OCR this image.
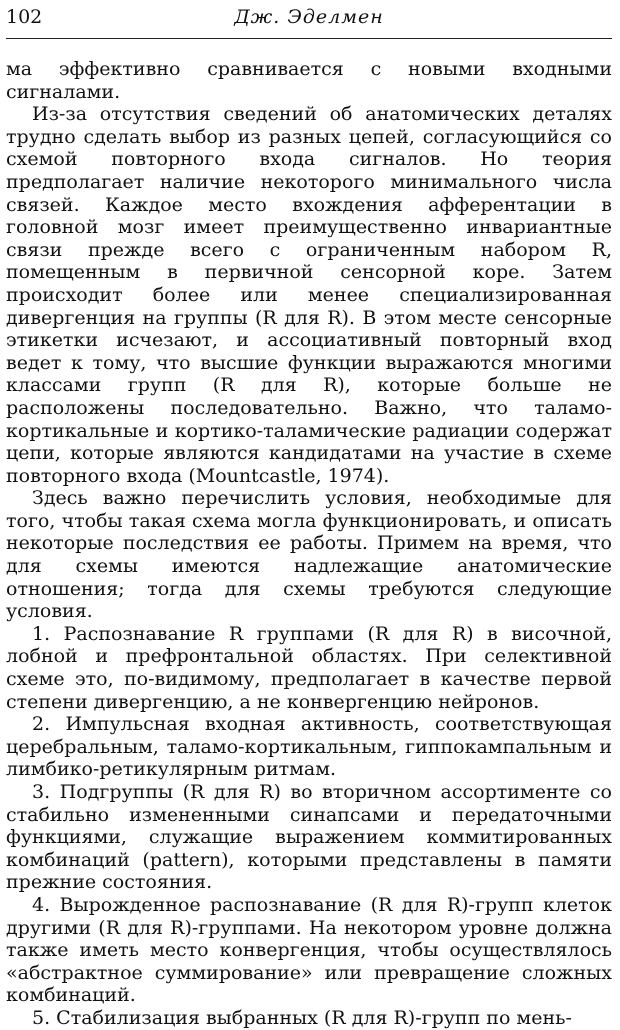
102	Дж. Эделмен

ма эффективно сравнивается с новыми входными сигналами.

Из-за отсутствия сведений об анатомических деталях трудно сделать выбор из разных цепей, согласующийся со схемой повторного входа сигналов. Но теория предполагает наличие некоторого минимального числа связей. Каждое место вхождения афферентации в головной мозг имеет преимущественно инвариантные связи прежде всего с ограниченным набором R, помещенным в первичной сенсорной коре. Затем происходит более или менее специализированная дивергенция на группы (R для R). В этом месте сенсорные этикетки исчезают, и ассоциативный повторный вход ведет к тому, что высшие функции выражаются многими классами групп (R для R), которые больше не расположены последовательно. Важно, что таламо-кортикальные и кортико-таламические радиации содержат цепи, которые являются кандидатами на участие в схеме повторного входа (Mountcastle, 1974).

Здесь важно перечислить условия, необходимые для того, чтобы такая схема могла функционировать, и описать некоторые последствия ее работы. Примем на время, что для схемы имеются надлежащие анатомические отношения; тогда для схемы требуются следующие условия.

1. Распознавание R группами (R для R) в височной, лобной и префронтальной областях. При селективной схеме это, по-видимому, предполагает в качестве первой степени дивергенцию, а не конвергенцию нейронов.

2. Импульсная входная активность, соответствующая церебральным, таламо-кортикальным, гиппокампальным и лимбико-ретикулярным ритмам.

3. Подгруппы (R для R) во вторичном ассортименте со стабильно измененными синапсами и передаточными функциями, служащие выражением коммитированных комбинаций (pattern), которыми представлены в памяти прежние состояния.

4. Вырожденное распознавание (R для R)-групп клеток другими (R для R)-группами. На некотором уровне должна также иметь место конвергенция, чтобы осуществлялось «абстрактное суммирование» или превращение сложных комбинаций.

5. Стабилизация выбранных (R для R)-групп по мень-
